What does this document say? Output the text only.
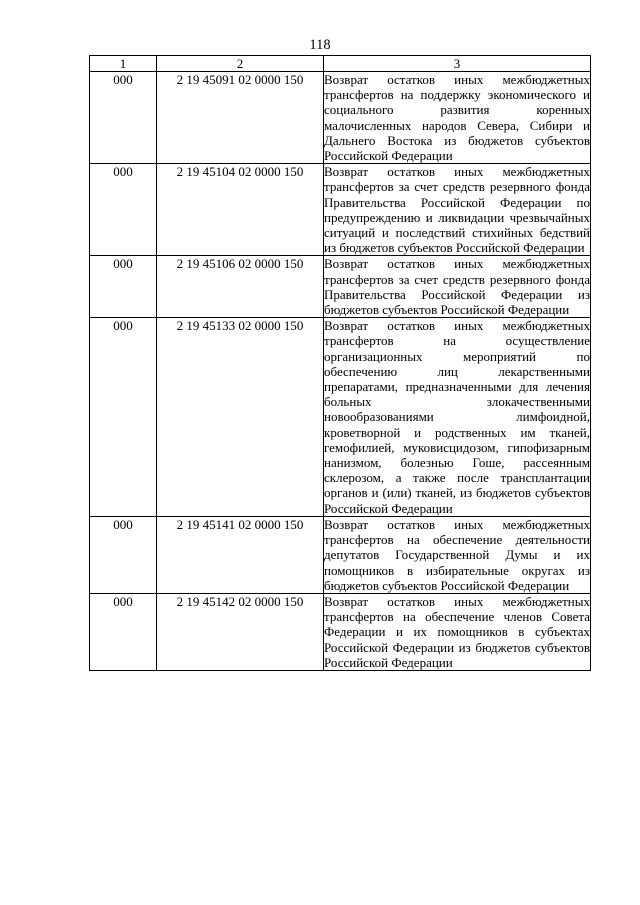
118
1	2	3
000	2 19 45091 02 0000 150	Возврат остатков иных межбюджетных трансфертов на поддержку экономического и социального развития коренных малочисленных народов Севера, Сибири и Дальнего Востока из бюджетов субъектов Российской Федерации
000	2 19 45104 02 0000 150	Возврат остатков иных межбюджетных трансфертов за счет средств резервного фонда Правительства Российской Федерации по предупреждению и ликвидации чрезвычайных ситуаций и последствий стихийных бедствий из бюджетов субъектов Российской Федерации
000	2 19 45106 02 0000 150	Возврат остатков иных межбюджетных трансфертов за счет средств резервного фонда Правительства Российской Федерации из бюджетов субъектов Российской Федерации
000	2 19 45133 02 0000 150	Возврат остатков иных межбюджетных трансфертов на осуществление организационных мероприятий по обеспечению лиц лекарственными препаратами, предназначенными для лечения больных злокачественными новообразованиями лимфоидной, кроветворной и родственных им тканей, гемофилией, муковисцидозом, гипофизарным нанизмом, болезнью Гоше, рассеянным склерозом, а также после трансплантации органов и (или) тканей, из бюджетов субъектов Российской Федерации
000	2 19 45141 02 0000 150	Возврат остатков иных межбюджетных трансфертов на обеспечение деятельности депутатов Государственной Думы и их помощников в избирательные округах из бюджетов субъектов Российской Федерации
000	2 19 45142 02 0000 150	Возврат остатков иных межбюджетных трансфертов на обеспечение членов Совета Федерации и их помощников в субъектах Российской Федерации из бюджетов субъектов Российской Федерации
